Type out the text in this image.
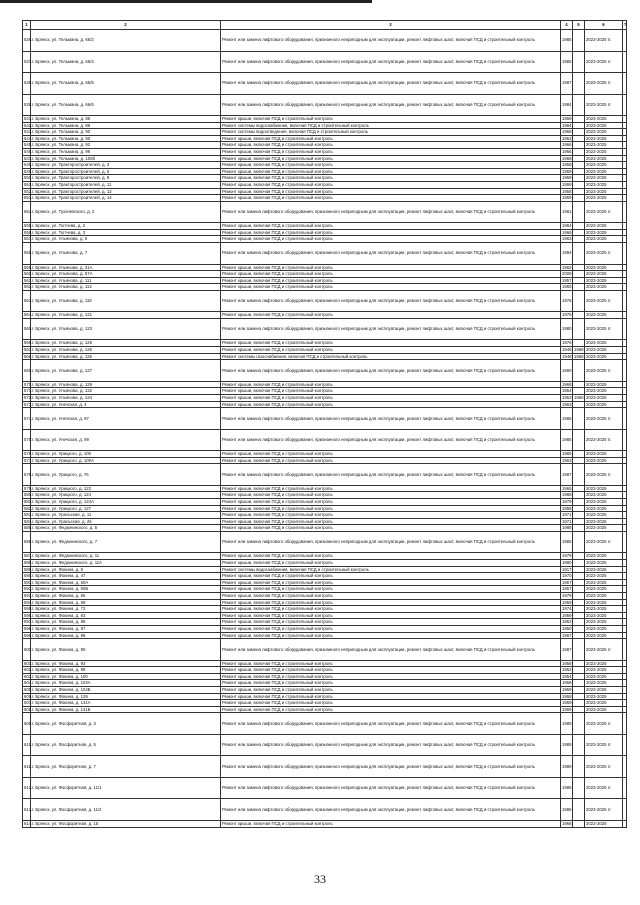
1	2	3	4	5	6	7
536.	г. Брянск, ул. Тельмана, д. 66/2	Ремонт или замена лифтового оборудования, признанного непригодным для эксплуатации, ремонт лифтовых шахт, включая ПСД и строительный контроль	1985		2023-2025 гг.	
537.	г. Брянск, ул. Тельмана, д. 66/4	Ремонт или замена лифтового оборудования, признанного непригодным для эксплуатации, ремонт лифтовых шахт, включая ПСД и строительный контроль	1985		2023-2025 гг.	
538.	г. Брянск, ул. Тельмана, д. 66/5	Ремонт или замена лифтового оборудования, признанного непригодным для эксплуатации, ремонт лифтовых шахт, включая ПСД и строительный контроль	1987		2023-2025 гг.	
539.	г. Брянск, ул. Тельмана, д. 66/6	Ремонт или замена лифтового оборудования, признанного непригодным для эксплуатации, ремонт лифтовых шахт, включая ПСД и строительный контроль	1984		2023-2025 гг.	
541.	г. Брянск, ул. Тельмана, д. 86	Ремонт крыши, включая ПСД и строительный контроль	1969		2023-2025	
542.	г. Брянск, ул. Тельмана, д. 88	Ремонт системы водоснабжения, включая ПСД и строительный контроль	1964		2023-2025	
543.	г. Брянск, ул. Тельмана, д. 90	Ремонт системы водоотведения, включая ПСД и строительный контроль	1968		2023-2025	
544.	г. Брянск, ул. Тельмана, д. 90	Ремонт крыши, включая ПСД и строительный контроль	1963		2023-2025	
545.	г. Брянск, ул. Тельмана, д. 92	Ремонт крыши, включая ПСД и строительный контроль	1966		2023-2025	
546.	г. Брянск, ул. Тельмана, д. 96	Ремонт крыши, включая ПСД и строительный контроль	1966		2023-2025	
547.	г. Брянск, ул. Тельмана, д. 108б	Ремонт крыши, включая ПСД и строительный контроль	1968		2023-2025	
548.	г. Брянск, ул. Тракторостроителей, д. 3	Ремонт крыши, включая ПСД и строительный контроль	1958		2023-2025	
549.	г. Брянск, ул. Тракторостроителей, д. 6	Ремонт крыши, включая ПСД и строительный контроль	1959		2023-2025	
550.	г. Брянск, ул. Тракторостроителей, д. 8	Ремонт крыши, включая ПСД и строительный контроль	1958		2023-2025	
551.	г. Брянск, ул. Тракторостроителей, д. 11	Ремонт крыши, включая ПСД и строительный контроль	1959		2023-2025	
552.	г. Брянск, ул. Тракторостроителей, д. 12	Ремонт крыши, включая ПСД и строительный контроль	1958		2023-2025	
553.	г. Брянск, ул. Тракторостроителей, д. 14	Ремонт крыши, включая ПСД и строительный контроль	1959		2023-2025	
554.	г. Брянск, ул. Тухачевского, д. 2	Ремонт или замена лифтового оборудования, признанного непригодным для эксплуатации, ремонт лифтовых шахт, включая ПСД и строительный контроль	1981		2023-2025 гг.	
555.	г. Брянск, ул. Тютчева, д. 2	Ремонт крыши, включая ПСД и строительный контроль	1984		2023-2025	
556.	г. Брянск, ул. Тютчева, д. 3	Ремонт крыши, включая ПСД и строительный контроль	1968		2023-2025	
557.	г. Брянск, ул. Ульянова, д. 5	Ремонт крыши, включая ПСД и строительный контроль	1963		2023-2025	
558.	г. Брянск, ул. Ульянова, д. 7	Ремонт или замена лифтового оборудования, признанного непригодным для эксплуатации, ремонт лифтовых шахт, включая ПСД и строительный контроль	1994		2023-2025 гг.	
559.	г. Брянск, ул. Ульянова, д. 31А	Ремонт крыши, включая ПСД и строительный контроль	1962		2023-2025	
560.	г. Брянск, ул. Ульянова, д. 57А	Ремонт крыши, включая ПСД и строительный контроль	2008		2023-2025	
561.	г. Брянск, ул. Ульянова, д. 111	Ремонт крыши, включая ПСД и строительный контроль	1957		2023-2025	
562.	г. Брянск, ул. Ульянова, д. 113	Ремонт крыши, включая ПСД и строительный контроль	1955		2023-2025	
563.	г. Брянск, ул. Ульянова, д. 119	Ремонт или замена лифтового оборудования, признанного непригодным для эксплуатации, ремонт лифтовых шахт, включая ПСД и строительный контроль	1976		2023-2025 гг.	
564.	г. Брянск, ул. Ульянова, д. 121	Ремонт крыши, включая ПСД и строительный контроль	1976		2023-2025	
565.	г. Брянск, ул. Ульянова, д. 123	Ремонт или замена лифтового оборудования, признанного непригодным для эксплуатации, ремонт лифтовых шахт, включая ПСД и строительный контроль	1980		2023-2025 гг.	
566.	г. Брянск, ул. Ульянова, д. 125	Ремонт крыши, включая ПСД и строительный контроль	1976		2023-2025	
567.	г. Брянск, ул. Ульянова, д. 126	Ремонт крыши, включая ПСД и строительный контроль	1948	1968	2023-2025	
568.	г. Брянск, ул. Ульянова, д. 126	Ремонт системы газоснабжения, включая ПСД и строительный контроль	1948	1968	2023-2025	
569.	г. Брянск, ул. Ульянова, д. 127	Ремонт или замена лифтового оборудования, признанного непригодным для эксплуатации, ремонт лифтовых шахт, включая ПСД и строительный контроль	1990		2023-2025 гг.	
570.	г. Брянск, ул. Ульянова, д. 129	Ремонт крыши, включая ПСД и строительный контроль	1968		2023-2025	
571.	г. Брянск, ул. Ульянова, д. 132	Ремонт крыши, включая ПСД и строительный контроль	1954		2023-2025	
572.	г. Брянск, ул. Ульянова, д. 134	Ремонт крыши, включая ПСД и строительный контроль	1953	1960	2023-2025	
573.	г. Брянск, ул. Унечская, д. 4	Ремонт крыши, включая ПСД и строительный контроль	1963		2023-2025	
574.	г. Брянск, ул. Унечская, д. 97	Ремонт или замена лифтового оборудования, признанного непригодным для эксплуатации, ремонт лифтовых шахт, включая ПСД и строительный контроль	1985		2023-2025 гг.	
575.	г. Брянск, ул. Унечская, д. 99	Ремонт или замена лифтового оборудования, признанного непригодным для эксплуатации, ремонт лифтовых шахт, включая ПСД и строительный контроль	1985		2023-2025 гг.	
576.	г. Брянск, ул. Урицкого, д. 100	Ремонт крыши, включая ПСД и строительный контроль	1965		2023-2025	
577.	г. Брянск, ул. Урицкого, д. 100А	Ремонт крыши, включая ПСД и строительный контроль	1963		2023-2025	
578.	г. Брянск, ул. Урицкого, д. 76	Ремонт или замена лифтового оборудования, признанного непригодным для эксплуатации, ремонт лифтовых шахт, включая ПСД и строительный контроль	1987		2023-2025 гг.	
579.	г. Брянск, ул. Урицкого, д. 122	Ремонт крыши, включая ПСД и строительный контроль	1965		2023-2025	
580.	г. Брянск, ул. Урицкого, д. 124	Ремонт крыши, включая ПСД и строительный контроль	1968		2023-2025	
581.	г. Брянск, ул. Урицкого, д. 124А	Ремонт крыши, включая ПСД и строительный контроль	1979		2023-2025	
582.	г. Брянск, ул. Урицкого, д. 127	Ремонт крыши, включая ПСД и строительный контроль	1958		2023-2025	
583.	г. Брянск, ул. Уральская, д. 11	Ремонт крыши, включая ПСД и строительный контроль	1971		2023-2025	
584.	г. Брянск, ул. Уральская, д. 26	Ремонт крыши, включая ПСД и строительный контроль	1971		2023-2025	
585.	г. Брянск, ул. Федюнинского, д. 5	Ремонт крыши, включая ПСД и строительный контроль	1988		2023-2025	
586.	г. Брянск, ул. Федюнинского, д. 7	Ремонт или замена лифтового оборудования, признанного непригодным для эксплуатации, ремонт лифтовых шахт, включая ПСД и строительный контроль	1985		2023-2025 гг.	
587.	г. Брянск, ул. Федюнинского, д. 11	Ремонт крыши, включая ПСД и строительный контроль	1979		2023-2025	
588.	г. Брянск, ул. Федюнинского, д. 11А	Ремонт крыши, включая ПСД и строительный контроль	1980		2023-2025	
589.	г. Брянск, ул. Фокина, д. 5	Ремонт системы водоснабжения, включая ПСД и строительный контроль	1917		2023-2025	
590.	г. Брянск, ул. Фокина, д. 47	Ремонт крыши, включая ПСД и строительный контроль	1970		2023-2025	
591.	г. Брянск, ул. Фокина, д. 60А	Ремонт крыши, включая ПСД и строительный контроль	1957		2023-2025	
592.	г. Брянск, ул. Фокина, д. 60Б	Ремонт крыши, включая ПСД и строительный контроль	1957		2023-2025	
593.	г. Брянск, ул. Фокина, д. 66	Ремонт крыши, включая ПСД и строительный контроль	1979		2023-2025	
594.	г. Брянск, ул. Фокина, д. 69	Ремонт крыши, включая ПСД и строительный контроль	1959		2023-2025	
595.	г. Брянск, ул. Фокина, д. 72	Ремонт крыши, включая ПСД и строительный контроль	1974		2023-2025	
596.	г. Брянск, ул. Фокина, д. 83	Ремонт крыши, включая ПСД и строительный контроль	1959		2023-2025	
597.	г. Брянск, ул. Фокина, д. 85	Ремонт крыши, включая ПСД и строительный контроль	1962		2023-2025	
598.	г. Брянск, ул. Фокина, д. 87	Ремонт крыши, включая ПСД и строительный контроль	1950		2023-2025	
599.	г. Брянск, ул. Фокина, д. 89	Ремонт крыши, включая ПСД и строительный контроль	1967		2023-2025	
600.	г. Брянск, ул. Фокина, д. 90	Ремонт или замена лифтового оборудования, признанного непригодным для эксплуатации, ремонт лифтовых шахт, включая ПСД и строительный контроль	1987		2023-2025 гг.	
601.	г. Брянск, ул. Фокина, д. 93	Ремонт крыши, включая ПСД и строительный контроль	1958		2023-2025	
602.	г. Брянск, ул. Фокина, д. 98	Ремонт крыши, включая ПСД и строительный контроль	1952		2023-2025	
603.	г. Брянск, ул. Фокина, д. 100	Ремонт крыши, включая ПСД и строительный контроль	1954		2023-2025	
604.	г. Брянск, ул. Фокина, д. 104А	Ремонт крыши, включая ПСД и строительный контроль	1958		2023-2025	
605.	г. Брянск, ул. Фокина, д. 104Б	Ремонт крыши, включая ПСД и строительный контроль	1959		2023-2025	
606.	г. Брянск, ул. Фокина, д. 129	Ремонт крыши, включая ПСД и строительный контроль	1958		2023-2025	
607.	г. Брянск, ул. Фокина, д. 141А	Ремонт крыши, включая ПСД и строительный контроль	1959		2023-2025	
608.	г. Брянск, ул. Фокина, д. 141Б	Ремонт крыши, включая ПСД и строительный контроль	1959		2023-2025	
609.	г. Брянск, ул. Фосфоритная, д. 3	Ремонт или замена лифтового оборудования, признанного непригодным для эксплуатации, ремонт лифтовых шахт, включая ПСД и строительный контроль	1989		2023-2025 гг.	
610.	г. Брянск, ул. Фосфоритная, д. 5	Ремонт или замена лифтового оборудования, признанного непригодным для эксплуатации, ремонт лифтовых шахт, включая ПСД и строительный контроль	1989		2023-2025 гг.	
611.	г. Брянск, ул. Фосфоритная, д. 7	Ремонт или замена лифтового оборудования, признанного непригодным для эксплуатации, ремонт лифтовых шахт, включая ПСД и строительный контроль	1989		2023-2025 гг.	
612.	г. Брянск, ул. Фосфоритная, д. 11/1	Ремонт или замена лифтового оборудования, признанного непригодным для эксплуатации, ремонт лифтовых шахт, включая ПСД и строительный контроль	1986		2023-2025 гг.	
613.	г. Брянск, ул. Фосфоритная, д. 11/2	Ремонт или замена лифтового оборудования, признанного непригодным для эксплуатации, ремонт лифтовых шахт, включая ПСД и строительный контроль	1986		2023-2025 гг.	
614.	г. Брянск, ул. Фосфоритная, д. 15	Ремонт крыши, включая ПСД и строительный контроль	1968		2023-2025	
33
